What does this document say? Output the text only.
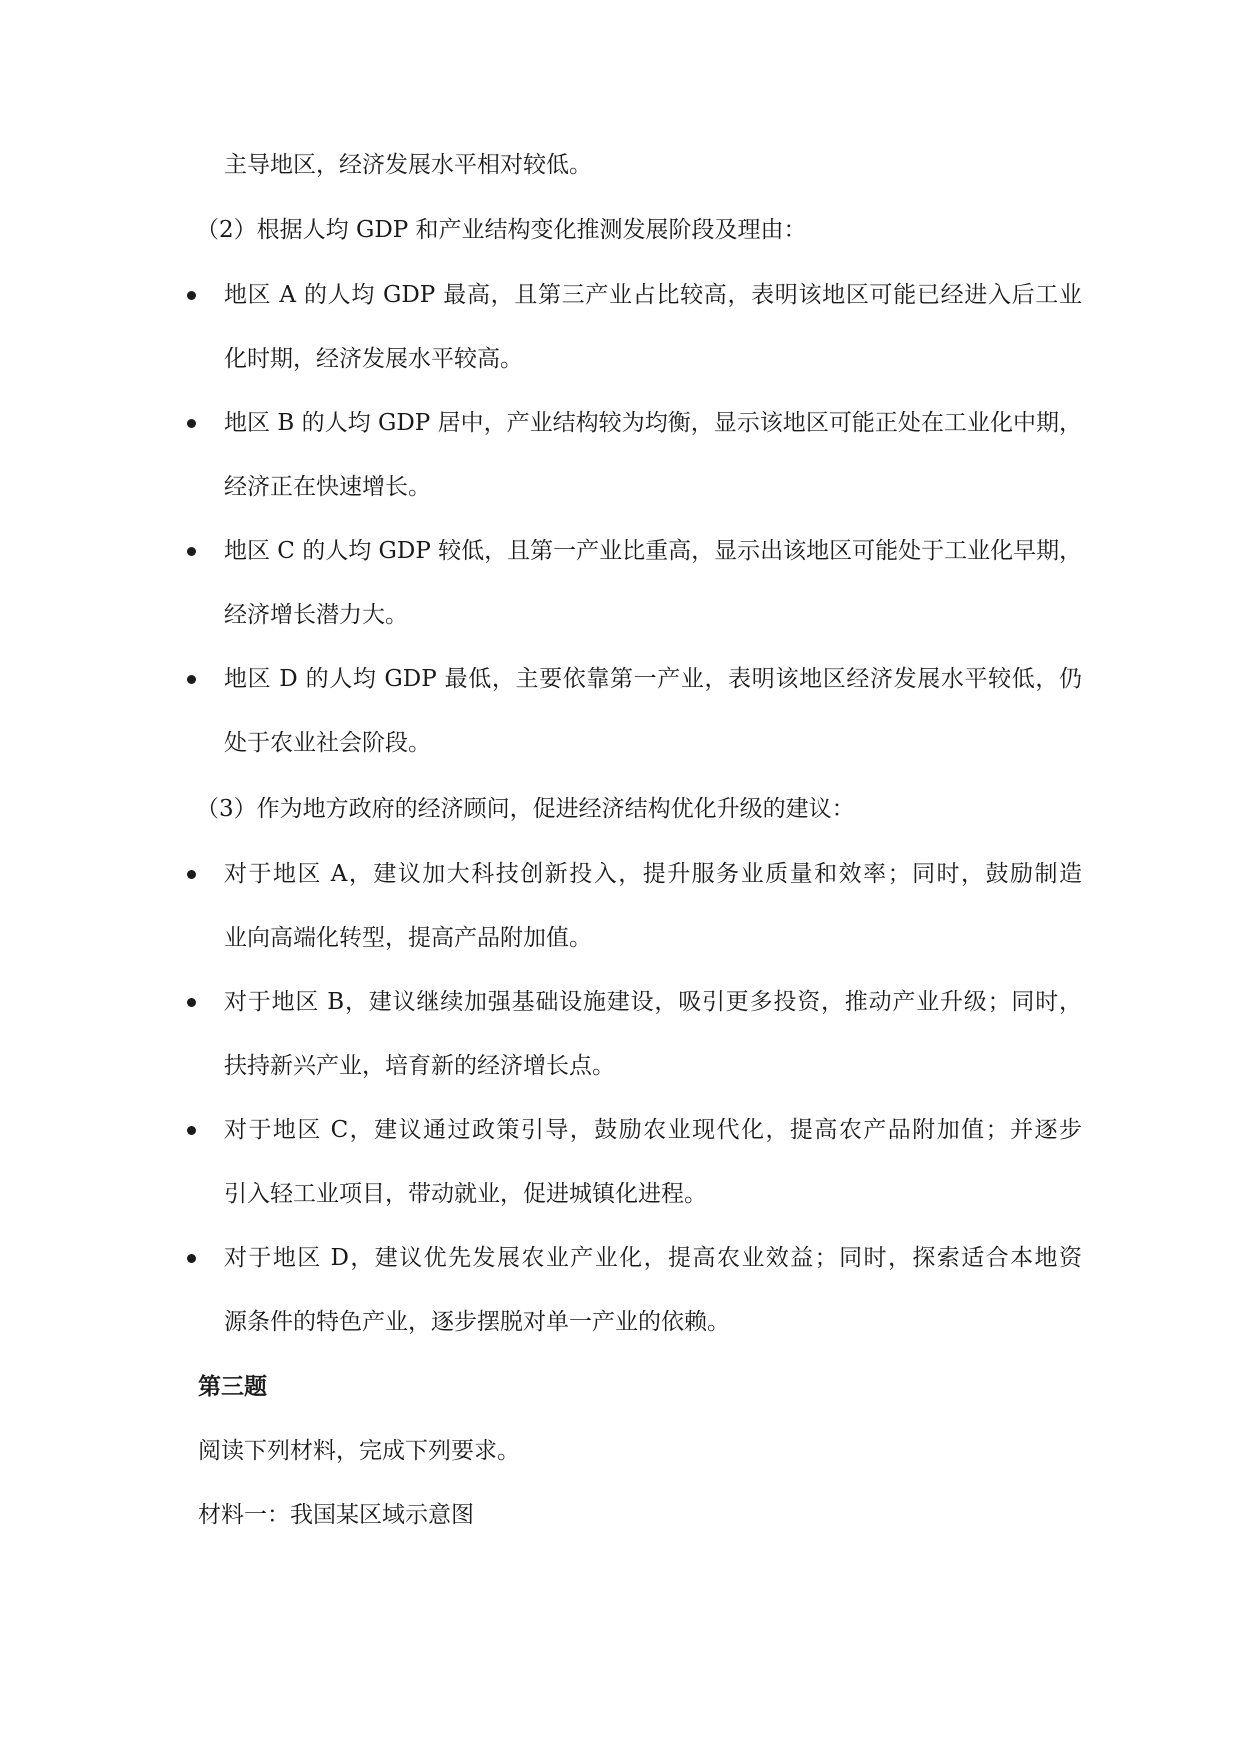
主导地区，经济发展水平相对较低。
（2）根据人均 GDP 和产业结构变化推测发展阶段及理由：
地区 A 的人均 GDP 最高，且第三产业占比较高，表明该地区可能已经进入后工业
化时期，经济发展水平较高。
地区 B 的人均 GDP 居中，产业结构较为均衡，显示该地区可能正处在工业化中期，
经济正在快速增长。
地区 C 的人均 GDP 较低，且第一产业比重高，显示出该地区可能处于工业化早期，
经济增长潜力大。
地区 D 的人均 GDP 最低，主要依靠第一产业，表明该地区经济发展水平较低，仍
处于农业社会阶段。
（3）作为地方政府的经济顾问，促进经济结构优化升级的建议：
对于地区 A，建议加大科技创新投入，提升服务业质量和效率；同时，鼓励制造
业向高端化转型，提高产品附加值。
对于地区 B，建议继续加强基础设施建设，吸引更多投资，推动产业升级；同时，
扶持新兴产业，培育新的经济增长点。
对于地区 C，建议通过政策引导，鼓励农业现代化，提高农产品附加值；并逐步
引入轻工业项目，带动就业，促进城镇化进程。
对于地区 D，建议优先发展农业产业化，提高农业效益；同时，探索适合本地资
源条件的特色产业，逐步摆脱对单一产业的依赖。
第三题
阅读下列材料，完成下列要求。
材料一：我国某区域示意图
